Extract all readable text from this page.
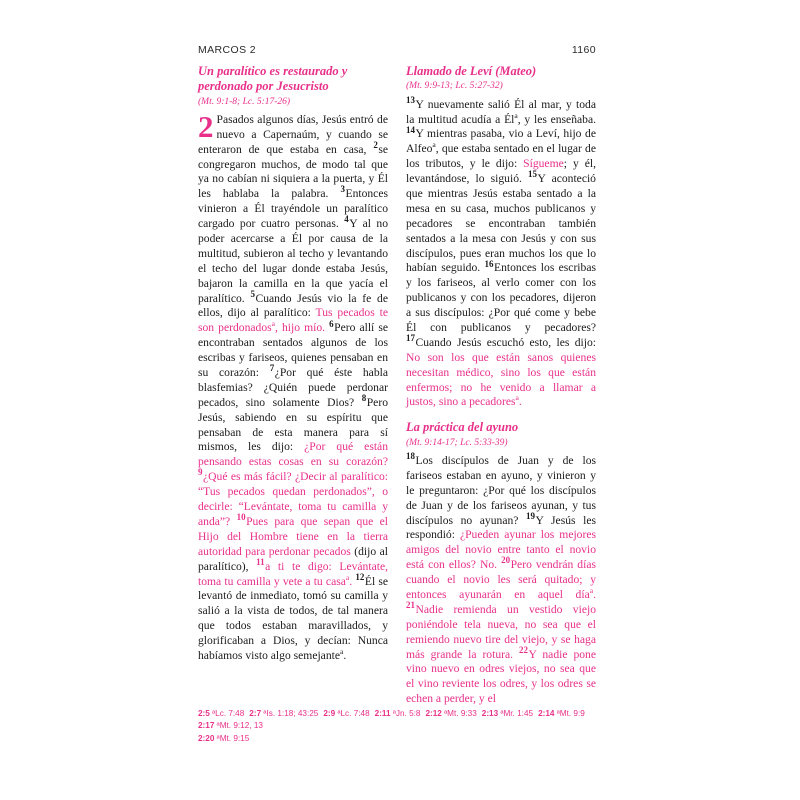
MARCOS 2	1160
Un paralítico es restaurado y perdonado por Jesucristo
(Mt. 9:1-8; Lc. 5:17-26)

2 Pasados algunos días, Jesús entró de nuevo a Capernaúm, y cuando se enteraron de que estaba en casa, $^2$se congregaron muchos, de modo tal que ya no cabían ni siquiera a la puerta, y Él les hablaba la palabra. $^3$Entonces vinieron a Él trayéndole un paralítico cargado por cuatro personas. $^4$Y al no poder acercarse a Él por causa de la multitud, subieron al techo y levantando el techo del lugar donde estaba Jesús, bajaron la camilla en la que yacía el paralítico. $^5$Cuando Jesús vio la fe de ellos, dijo al paralítico: Tus pecados te son perdonados$^a$, hijo mío. $^6$Pero allí se encontraban sentados algunos de los escribas y fariseos, quienes pensaban en su corazón: $^7$¿Por qué éste habla blasfemias? ¿Quién puede perdonar pecados, sino solamente Dios? $^8$Pero Jesús, sabiendo en su espíritu que pensaban de esta manera para sí mismos, les dijo: ¿Por qué están pensando estas cosas en su corazón? $^9$¿Qué es más fácil? ¿Decir al paralítico: “Tus pecados quedan perdonados”, o decirle: “Levántate, toma tu camilla y anda”? $^{10}$Pues para que sepan que el Hijo del Hombre tiene en la tierra autoridad para perdonar pecados (dijo al paralítico), $^{11}$a ti te digo: Levántate, toma tu camilla y vete a tu casa$^a$. $^{12}$Él se levantó de inmediato, tomó su camilla y salió a la vista de todos, de tal manera que todos estaban maravillados, y glorificaban a Dios, y decían: Nunca habíamos visto algo semejante$^a$.

Llamado de Leví (Mateo)
(Mt. 9:9-13; Lc. 5:27-32)

$^{13}$Y nuevamente salió Él al mar, y toda la multitud acudía a Él$^a$, y les enseñaba. $^{14}$Y mientras pasaba, vio a Leví, hijo de Alfeo$^a$, que estaba sentado en el lugar de los tributos, y le dijo: Sígueme; y él, levantándose, lo siguió. $^{15}$Y aconteció que mientras Jesús estaba sentado a la mesa en su casa, muchos publicanos y pecadores se encontraban también sentados a la mesa con Jesús y con sus discípulos, pues eran muchos los que lo habían seguido. $^{16}$Entonces los escribas y los fariseos, al verlo comer con los publicanos y con los pecadores, dijeron a sus discípulos: ¿Por qué come y bebe Él con publicanos y pecadores? $^{17}$Cuando Jesús escuchó esto, les dijo: No son los que están sanos quienes necesitan médico, sino los que están enfermos; no he venido a llamar a justos, sino a pecadores$^a$.

La práctica del ayuno
(Mt. 9:14-17; Lc. 5:33-39)

$^{18}$Los discípulos de Juan y de los fariseos estaban en ayuno, y vinieron y le preguntaron: ¿Por qué los discípulos de Juan y de los fariseos ayunan, y tus discípulos no ayunan? $^{19}$Y Jesús les respondió: ¿Pueden ayunar los mejores amigos del novio entre tanto el novio está con ellos? No. $^{20}$Pero vendrán días cuando el novio les será quitado; y entonces ayunarán en aquel día$^a$. $^{21}$Nadie remienda un vestido viejo poniéndole tela nueva, no sea que el remiendo nuevo tire del viejo, y se haga más grande la rotura. $^{22}$Y nadie pone vino nuevo en odres viejos, no sea que el vino reviente los odres, y los odres se echen a perder, y el

2:5 ªLc. 7:48 2:7 ªIs. 1:18; 43:25 2:9 ªLc. 7:48 2:11 ªJn. 5:8 2:12 ªMt. 9:33 2:13 ªMr. 1:45 2:14 ªMt. 9:92:17 ªMt. 9:12, 13
2:20 ªMt. 9:15
